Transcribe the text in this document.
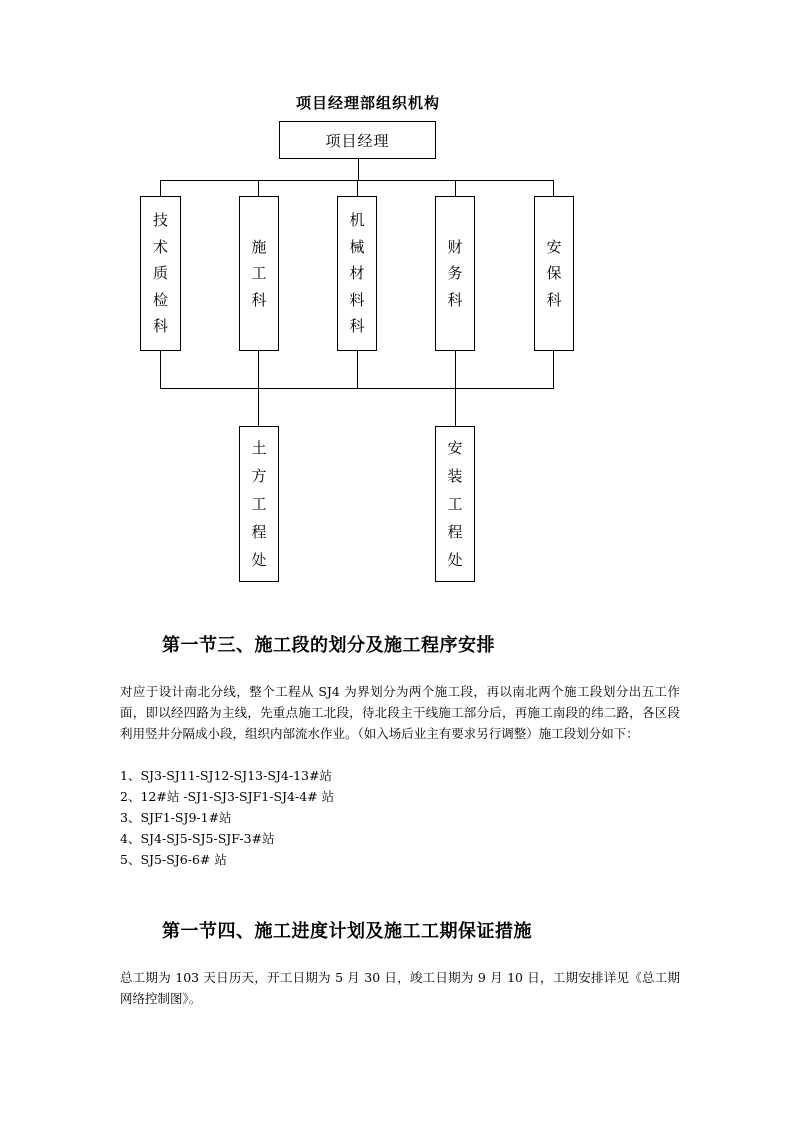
项目经理部组织机构
项目经理
技
术
质
检
科
施
工
科
机
械
材
料
科
财
务
科
安
保
科
土
方
工
程
处
安
装
工
程
处
第一节三、施工段的划分及施工程序安排

对应于设计南北分线，整个工程从 SJ4 为界划分为两个施工段，再以南北两个施工段划分出五工作面，即以经四路为主线，先重点施工北段，待北段主干线施工部分后，再施工南段的纬二路，各区段利用竖井分隔成小段，组织内部流水作业。（如入场后业主有要求另行调整）施工段划分如下：

1、SJ3-SJ11-SJ12-SJ13-SJ4-13#站
2、12#站 -SJ1-SJ3-SJF1-SJ4-4# 站
3、SJF1-SJ9-1#站
4、SJ4-SJ5-SJ5-SJF-3#站
5、SJ5-SJ6-6# 站
第一节四、施工进度计划及施工工期保证措施

总工期为 103 天日历天，开工日期为 5 月 30 日，竣工日期为 9 月 10 日，工期安排详见《总工期网络控制图》。
